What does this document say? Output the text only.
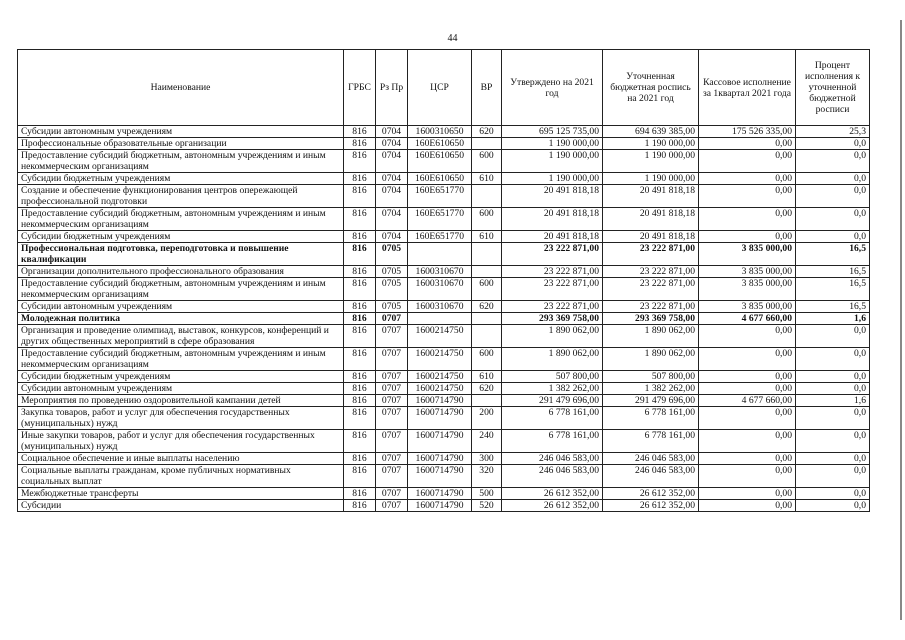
44
Наименование	ГРБС	Рз Пр	ЦСР	ВР	Утверждено на 2021 год	Уточненная бюджетная роспись на 2021 год	Кассовое исполнение за 1квартал 2021 года	Процент исполнения к уточненной бюджетной росписи
Субсидии автономным учреждениям	816	0704	1600310650	620	695 125 735,00	694 639 385,00	175 526 335,00	25,3
Профессиональные образовательные организации	816	0704	160Е610650		1 190 000,00	1 190 000,00	0,00	0,0
Предоставление субсидий бюджетным, автономным учреждениям и иным некоммерческим организациям	816	0704	160Е610650	600	1 190 000,00	1 190 000,00	0,00	0,0
Субсидии бюджетным учреждениям	816	0704	160Е610650	610	1 190 000,00	1 190 000,00	0,00	0,0
Создание и обеспечение функционирования центров опережающей профессиональной подготовки	816	0704	160Е651770		20 491 818,18	20 491 818,18	0,00	0,0
Предоставление субсидий бюджетным, автономным учреждениям и иным некоммерческим организациям	816	0704	160Е651770	600	20 491 818,18	20 491 818,18	0,00	0,0
Субсидии бюджетным учреждениям	816	0704	160Е651770	610	20 491 818,18	20 491 818,18	0,00	0,0
Профессиональная подготовка, переподготовка и повышение квалификации	816	0705			23 222 871,00	23 222 871,00	3 835 000,00	16,5
Организации дополнительного профессионального образования	816	0705	1600310670		23 222 871,00	23 222 871,00	3 835 000,00	16,5
Предоставление субсидий бюджетным, автономным учреждениям и иным некоммерческим организациям	816	0705	1600310670	600	23 222 871,00	23 222 871,00	3 835 000,00	16,5
Субсидии автономным учреждениям	816	0705	1600310670	620	23 222 871,00	23 222 871,00	3 835 000,00	16,5
Молодежная политика	816	0707			293 369 758,00	293 369 758,00	4 677 660,00	1,6
Организация и проведение олимпиад, выставок, конкурсов, конференций и других общественных мероприятий в сфере образования	816	0707	1600214750		1 890 062,00	1 890 062,00	0,00	0,0
Предоставление субсидий бюджетным, автономным учреждениям и иным некоммерческим организациям	816	0707	1600214750	600	1 890 062,00	1 890 062,00	0,00	0,0
Субсидии бюджетным учреждениям	816	0707	1600214750	610	507 800,00	507 800,00	0,00	0,0
Субсидии автономным учреждениям	816	0707	1600214750	620	1 382 262,00	1 382 262,00	0,00	0,0
Мероприятия по проведению оздоровительной кампании детей	816	0707	1600714790		291 479 696,00	291 479 696,00	4 677 660,00	1,6
Закупка товаров, работ и услуг для обеспечения государственных (муниципальных) нужд	816	0707	1600714790	200	6 778 161,00	6 778 161,00	0,00	0,0
Иные закупки товаров, работ и услуг для обеспечения государственных (муниципальных) нужд	816	0707	1600714790	240	6 778 161,00	6 778 161,00	0,00	0,0
Социальное обеспечение и иные выплаты населению	816	0707	1600714790	300	246 046 583,00	246 046 583,00	0,00	0,0
Социальные выплаты гражданам, кроме публичных нормативных социальных выплат	816	0707	1600714790	320	246 046 583,00	246 046 583,00	0,00	0,0
Межбюджетные трансферты	816	0707	1600714790	500	26 612 352,00	26 612 352,00	0,00	0,0
Субсидии	816	0707	1600714790	520	26 612 352,00	26 612 352,00	0,00	0,0
